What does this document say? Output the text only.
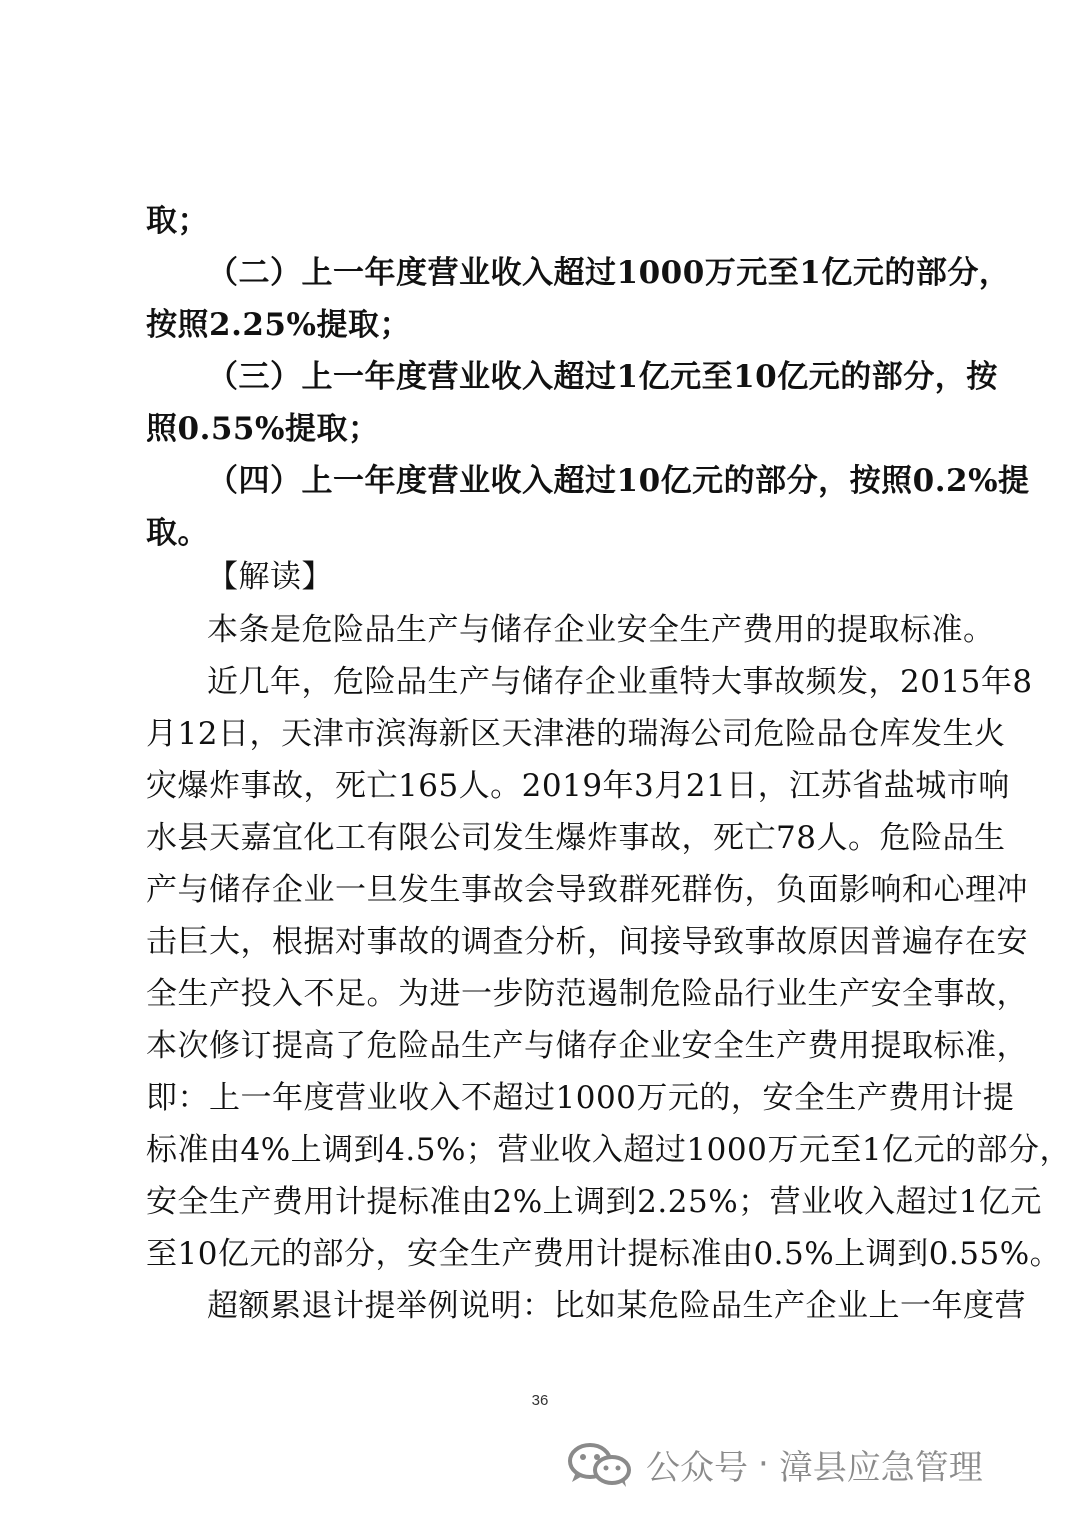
取；
（二）上一年度营业收入超过1000万元至1亿元的部分，
按照2.25%提取；
（三）上一年度营业收入超过1亿元至10亿元的部分，按
照0.55%提取；
（四）上一年度营业收入超过10亿元的部分，按照0.2%提
取。
【解读】
本条是危险品生产与储存企业安全生产费用的提取标准。
近几年，危险品生产与储存企业重特大事故频发，2015年8
月12日，天津市滨海新区天津港的瑞海公司危险品仓库发生火
灾爆炸事故，死亡165人。2019年3月21日，江苏省盐城市响
水县天嘉宜化工有限公司发生爆炸事故，死亡78人。危险品生
产与储存企业一旦发生事故会导致群死群伤，负面影响和心理冲
击巨大，根据对事故的调查分析，间接导致事故原因普遍存在安
全生产投入不足。为进一步防范遏制危险品行业生产安全事故，
本次修订提高了危险品生产与储存企业安全生产费用提取标准，
即：上一年度营业收入不超过1000万元的，安全生产费用计提
标准由4%上调到4.5%；营业收入超过1000万元至1亿元的部分，
安全生产费用计提标准由2%上调到2.25%；营业收入超过1亿元
至10亿元的部分，安全生产费用计提标准由0.5%上调到0.55%。
超额累退计提举例说明：比如某危险品生产企业上一年度营
36
公众号 · 漳县应急管理
